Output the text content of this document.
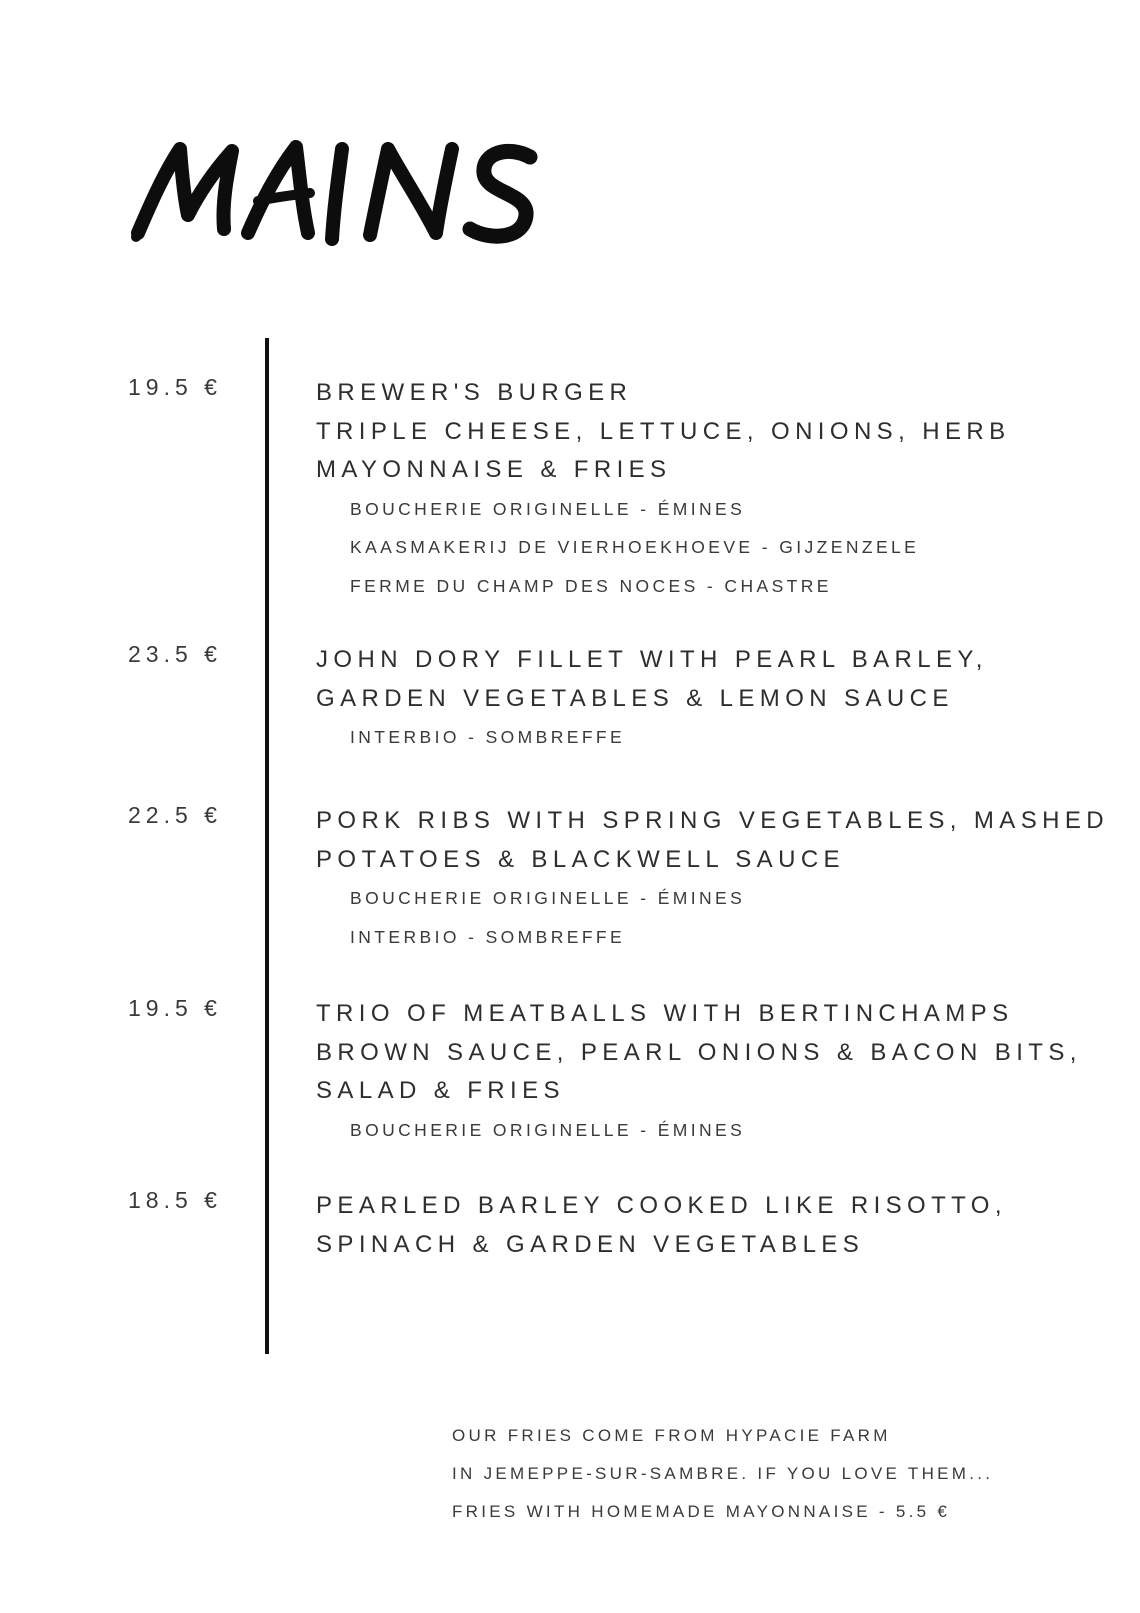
19.5 €	BREWER'S BURGER
TRIPLE CHEESE, LETTUCE, ONIONS, HERB
MAYONNAISE & FRIES
BOUCHERIE ORIGINELLE - ÉMINES
KAASMAKERIJ DE VIERHOEKHOEVE - GIJZENZELE
FERME DU CHAMP DES NOCES - CHASTRE
23.5 €	JOHN DORY FILLET WITH PEARL BARLEY,
GARDEN VEGETABLES & LEMON SAUCE
INTERBIO - SOMBREFFE
22.5 €	PORK RIBS WITH SPRING VEGETABLES, MASHED
POTATOES & BLACKWELL SAUCE
BOUCHERIE ORIGINELLE - ÉMINES
INTERBIO - SOMBREFFE
19.5 €	TRIO OF MEATBALLS WITH BERTINCHAMPS
BROWN SAUCE, PEARL ONIONS & BACON BITS,
SALAD & FRIES
BOUCHERIE ORIGINELLE - ÉMINES
18.5 €	PEARLED BARLEY COOKED LIKE RISOTTO,
SPINACH & GARDEN VEGETABLES
OUR FRIES COME FROM HYPACIE FARM
IN JEMEPPE-SUR-SAMBRE. IF YOU LOVE THEM...
FRIES WITH HOMEMADE MAYONNAISE - 5.5 €
